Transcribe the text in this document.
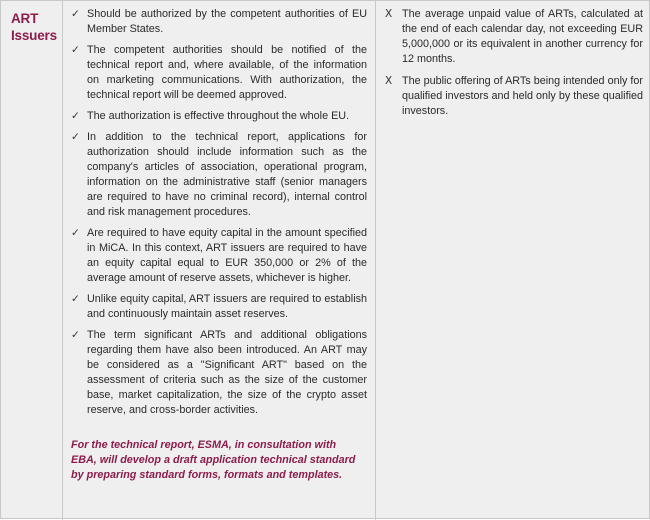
ART
Issuers
✓ Should be authorized by the competent authorities of EU Member States.
✓ The competent authorities should be notified of the technical report and, where available, of the information on marketing communications. With authorization, the technical report will be deemed approved.
✓ The authorization is effective throughout the whole EU.
✓ In addition to the technical report, applications for authorization should include information such as the company's articles of association, operational program, information on the administrative staff (senior managers are required to have no criminal record), internal control and risk management procedures.
✓ Are required to have equity capital in the amount specified in MiCA. In this context, ART issuers are required to have an equity capital equal to EUR 350,000 or 2% of the average amount of reserve assets, whichever is higher.
✓ Unlike equity capital, ART issuers are required to establish and continuously maintain asset reserves.
✓ The term significant ARTs and additional obligations regarding them have also been introduced. An ART may be considered as a "Significant ART" based on the assessment of criteria such as the size of the customer base, market capitalization, the size of the crypto asset reserve, and cross-border activities.

For the technical report, ESMA, in consultation with EBA, will develop a draft application technical standard by preparing standard forms, formats and templates.

X The average unpaid value of ARTs, calculated at the end of each calendar day, not exceeding EUR 5,000,000 or its equivalent in another currency for 12 months.
X The public offering of ARTs being intended only for qualified investors and held only by these qualified investors.
